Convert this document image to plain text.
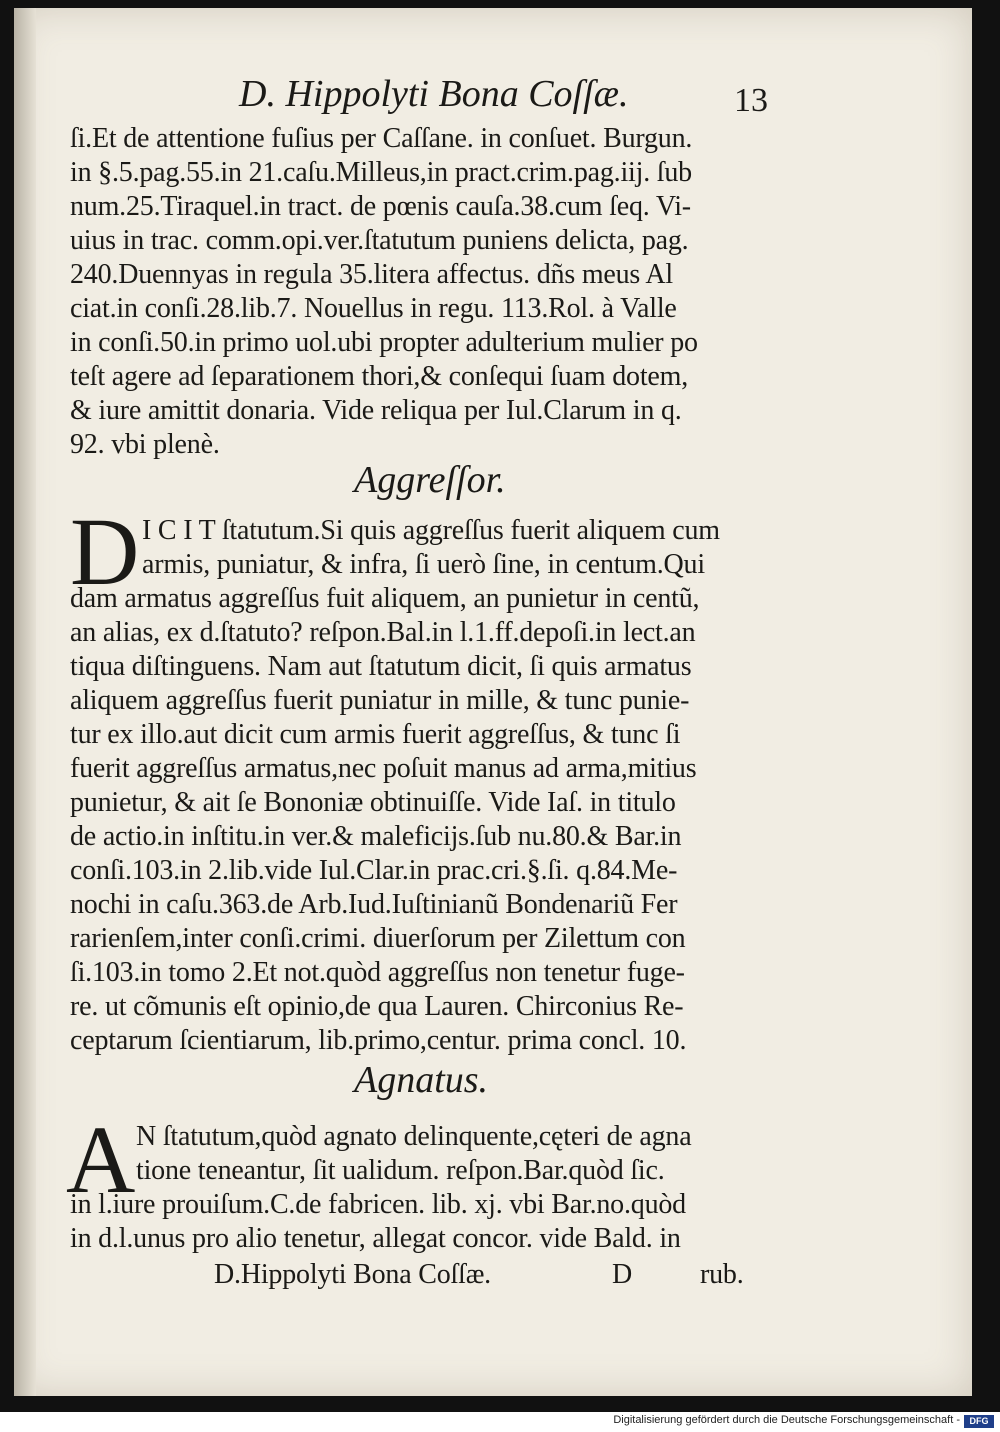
D. Hippolyti Bona Coſſæ.	13
ſi.Et de attentione fuſius per Caſſane. in conſuet. Burgun.
in §.5.pag.55.in 21.caſu.Milleus,in pract.crim.pag.iij. ſub
num.25.Tiraquel.in tract. de pœnis cauſa.38.cum ſeq. Vi-
uius in trac. comm.opi.ver.ſtatutum puniens delicta, pag.
240.Duennyas in regula 35.litera affectus. dñs meus Al
ciat.in conſi.28.lib.7. Nouellus in regu. 113.Rol. à Valle
in conſi.50.in primo uol.ubi propter adulterium mulier po
teſt agere ad ſeparationem thori,& conſequi ſuam dotem,
& iure amittit donaria. Vide reliqua per Iul.Clarum in q.
92. vbi plenè.
Aggreſſor.
D I C I T ſtatutum.Si quis aggreſſus fuerit aliquem cum
armis, puniatur, & infra, ſi uerò ſine, in centum.Qui
dam armatus aggreſſus fuit aliquem, an punietur in centũ,
an alias, ex d.ſtatuto? reſpon.Bal.in l.1.ff.depoſi.in lect.an
tiqua diſtinguens. Nam aut ſtatutum dicit, ſi quis armatus
aliquem aggreſſus fuerit puniatur in mille, & tunc punie-
tur ex illo.aut dicit cum armis fuerit aggreſſus, & tunc ſi
fuerit aggreſſus armatus,nec poſuit manus ad arma,mitius
punietur, & ait ſe Bononiæ obtinuiſſe. Vide Iaſ. in titulo
de actio.in inſtitu.in ver.& maleficijs.ſub nu.80.& Bar.in
conſi.103.in 2.lib.vide Iul.Clar.in prac.cri.§.ſi. q.84.Me-
nochi in caſu.363.de Arb.Iud.Iuſtinianũ Bondenariũ Fer
rarienſem,inter conſi.crimi. diuerſorum per Zilettum con
ſi.103.in tomo 2.Et not.quòd aggreſſus non tenetur fuge-
re. ut cõmunis eſt opinio,de qua Lauren. Chirconius Re-
ceptarum ſcientiarum, lib.primo,centur. prima concl. 10.
Agnatus.
A N ſtatutum,quòd agnato delinquente,cęteri de agna
tione teneantur, ſit ualidum. reſpon.Bar.quòd ſic.
in l.iure prouiſum.C.de fabricen. lib. xj. vbi Bar.no.quòd
in d.l.unus pro alio tenetur, allegat concor. vide Bald. in
D.Hippolyti Bona Coſſæ.	D	rub.
Digitalisierung gefördert durch die Deutsche Forschungsgemeinschaft -	DFG
